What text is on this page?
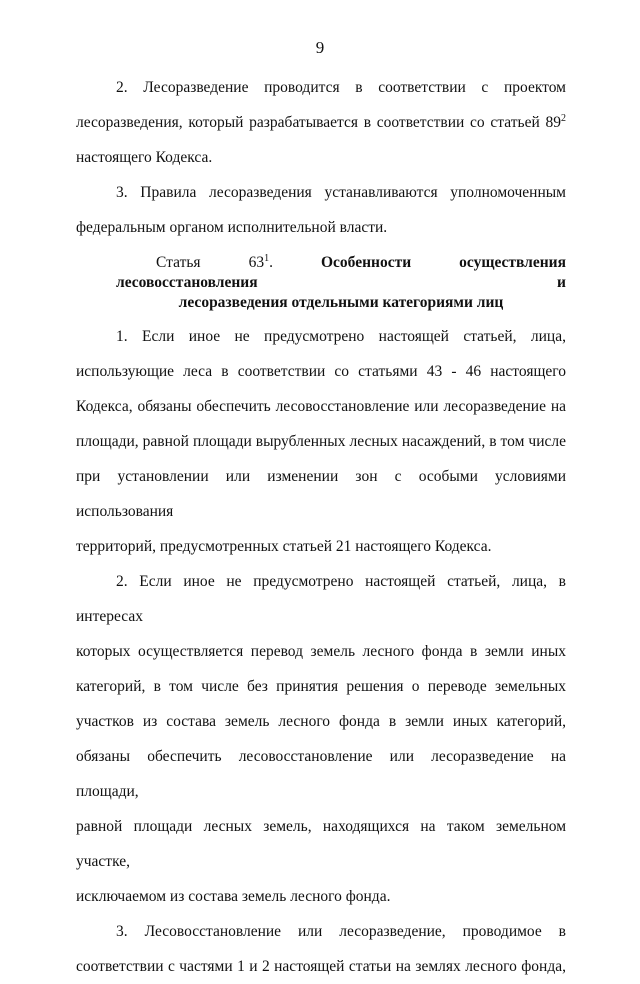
9
2. Лесоразведение проводится в соответствии с проектом
лесоразведения, который разрабатывается в соответствии со статьей $89^2$
настоящего Кодекса.
3. Правила лесоразведения устанавливаются уполномоченным
федеральным органом исполнительной власти.
Статья $63^1$.	Особенности осуществления лесовосстановления и
лесоразведения отдельными категориями лиц
1. Если иное не предусмотрено настоящей статьей, лица,
использующие леса в соответствии со статьями 43 - 46 настоящего
Кодекса, обязаны обеспечить лесовосстановление или лесоразведение на
площади, равной площади вырубленных лесных насаждений, в том числе
при установлении или изменении зон с особыми условиями использования
территорий, предусмотренных статьей 21 настоящего Кодекса.
2. Если иное не предусмотрено настоящей статьей, лица, в интересах
которых осуществляется перевод земель лесного фонда в земли иных
категорий, в том числе без принятия решения о переводе земельных
участков из состава земель лесного фонда в земли иных категорий,
обязаны обеспечить лесовосстановление или лесоразведение на площади,
равной площади лесных земель, находящихся на таком земельном участке,
исключаемом из состава земель лесного фонда.
3. Лесовосстановление или лесоразведение, проводимое в
соответствии с частями 1 и 2 настоящей статьи на землях лесного фонда,
